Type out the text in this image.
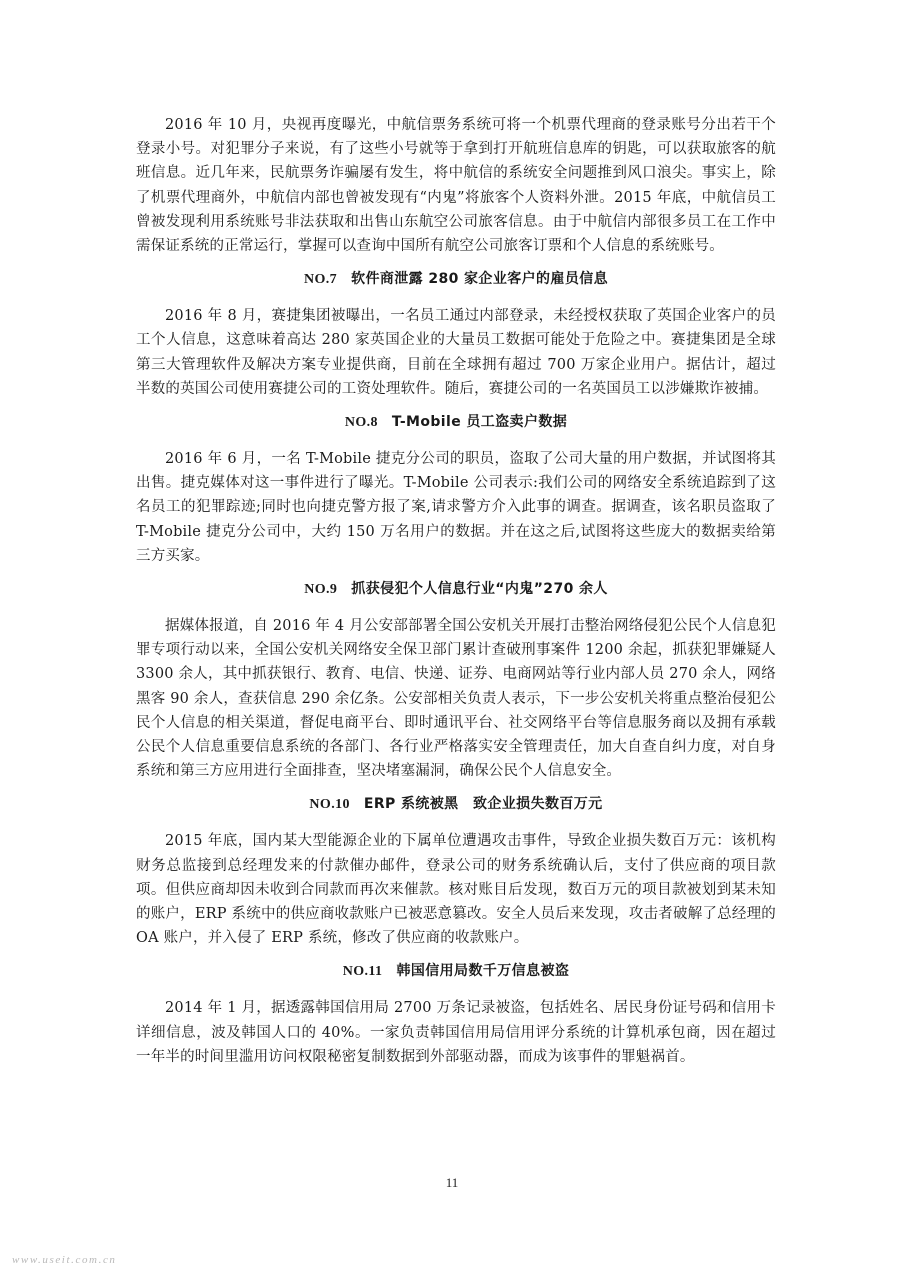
2016 年 10 月，央视再度曝光，中航信票务系统可将一个机票代理商的登录账号分出若干个登录小号。对犯罪分子来说，有了这些小号就等于拿到打开航班信息库的钥匙，可以获取旅客的航班信息。近几年来，民航票务诈骗屡有发生，将中航信的系统安全问题推到风口浪尖。事实上，除了机票代理商外，中航信内部也曾被发现有“内鬼”将旅客个人资料外泄。2015 年底，中航信员工曾被发现利用系统账号非法获取和出售山东航空公司旅客信息。由于中航信内部很多员工在工作中需保证系统的正常运行，掌握可以查询中国所有航空公司旅客订票和个人信息的系统账号。

NO.7 软件商泄露 280 家企业客户的雇员信息

2016 年 8 月，赛捷集团被曝出，一名员工通过内部登录，未经授权获取了英国企业客户的员工个人信息，这意味着高达 280 家英国企业的大量员工数据可能处于危险之中。赛捷集团是全球第三大管理软件及解决方案专业提供商，目前在全球拥有超过 700 万家企业用户。据估计，超过半数的英国公司使用赛捷公司的工资处理软件。随后，赛捷公司的一名英国员工以涉嫌欺诈被捕。

NO.8 T-Mobile 员工盗卖户数据

2016 年 6 月，一名 T-Mobile 捷克分公司的职员，盗取了公司大量的用户数据，并试图将其出售。捷克媒体对这一事件进行了曝光。T-Mobile 公司表示:我们公司的网络安全系统追踪到了这名员工的犯罪踪迹;同时也向捷克警方报了案,请求警方介入此事的调查。据调查，该名职员盗取了 T-Mobile 捷克分公司中，大约 150 万名用户的数据。并在这之后,试图将这些庞大的数据卖给第三方买家。

NO.9 抓获侵犯个人信息行业“内鬼”270 余人

据媒体报道，自 2016 年 4 月公安部部署全国公安机关开展打击整治网络侵犯公民个人信息犯罪专项行动以来，全国公安机关网络安全保卫部门累计查破刑事案件 1200 余起，抓获犯罪嫌疑人 3300 余人，其中抓获银行、教育、电信、快递、证券、电商网站等行业内部人员 270 余人，网络黑客 90 余人，查获信息 290 余亿条。公安部相关负责人表示，下一步公安机关将重点整治侵犯公民个人信息的相关渠道，督促电商平台、即时通讯平台、社交网络平台等信息服务商以及拥有承载公民个人信息重要信息系统的各部门、各行业严格落实安全管理责任，加大自查自纠力度，对自身系统和第三方应用进行全面排查，坚决堵塞漏洞，确保公民个人信息安全。

NO.10 ERP 系统被黑　致企业损失数百万元

2015 年底，国内某大型能源企业的下属单位遭遇攻击事件，导致企业损失数百万元：该机构财务总监接到总经理发来的付款催办邮件，登录公司的财务系统确认后，支付了供应商的项目款项。但供应商却因未收到合同款而再次来催款。核对账目后发现，数百万元的项目款被划到某未知的账户，ERP 系统中的供应商收款账户已被恶意篡改。安全人员后来发现，攻击者破解了总经理的 OA 账户，并入侵了 ERP 系统，修改了供应商的收款账户。

NO.11 韩国信用局数千万信息被盗

2014 年 1 月，据透露韩国信用局 2700 万条记录被盗，包括姓名、居民身份证号码和信用卡详细信息，波及韩国人口的 40%。一家负责韩国信用局信用评分系统的计算机承包商，因在超过一年半的时间里滥用访问权限秘密复制数据到外部驱动器，而成为该事件的罪魁祸首。

11
www.useit.com.cn
